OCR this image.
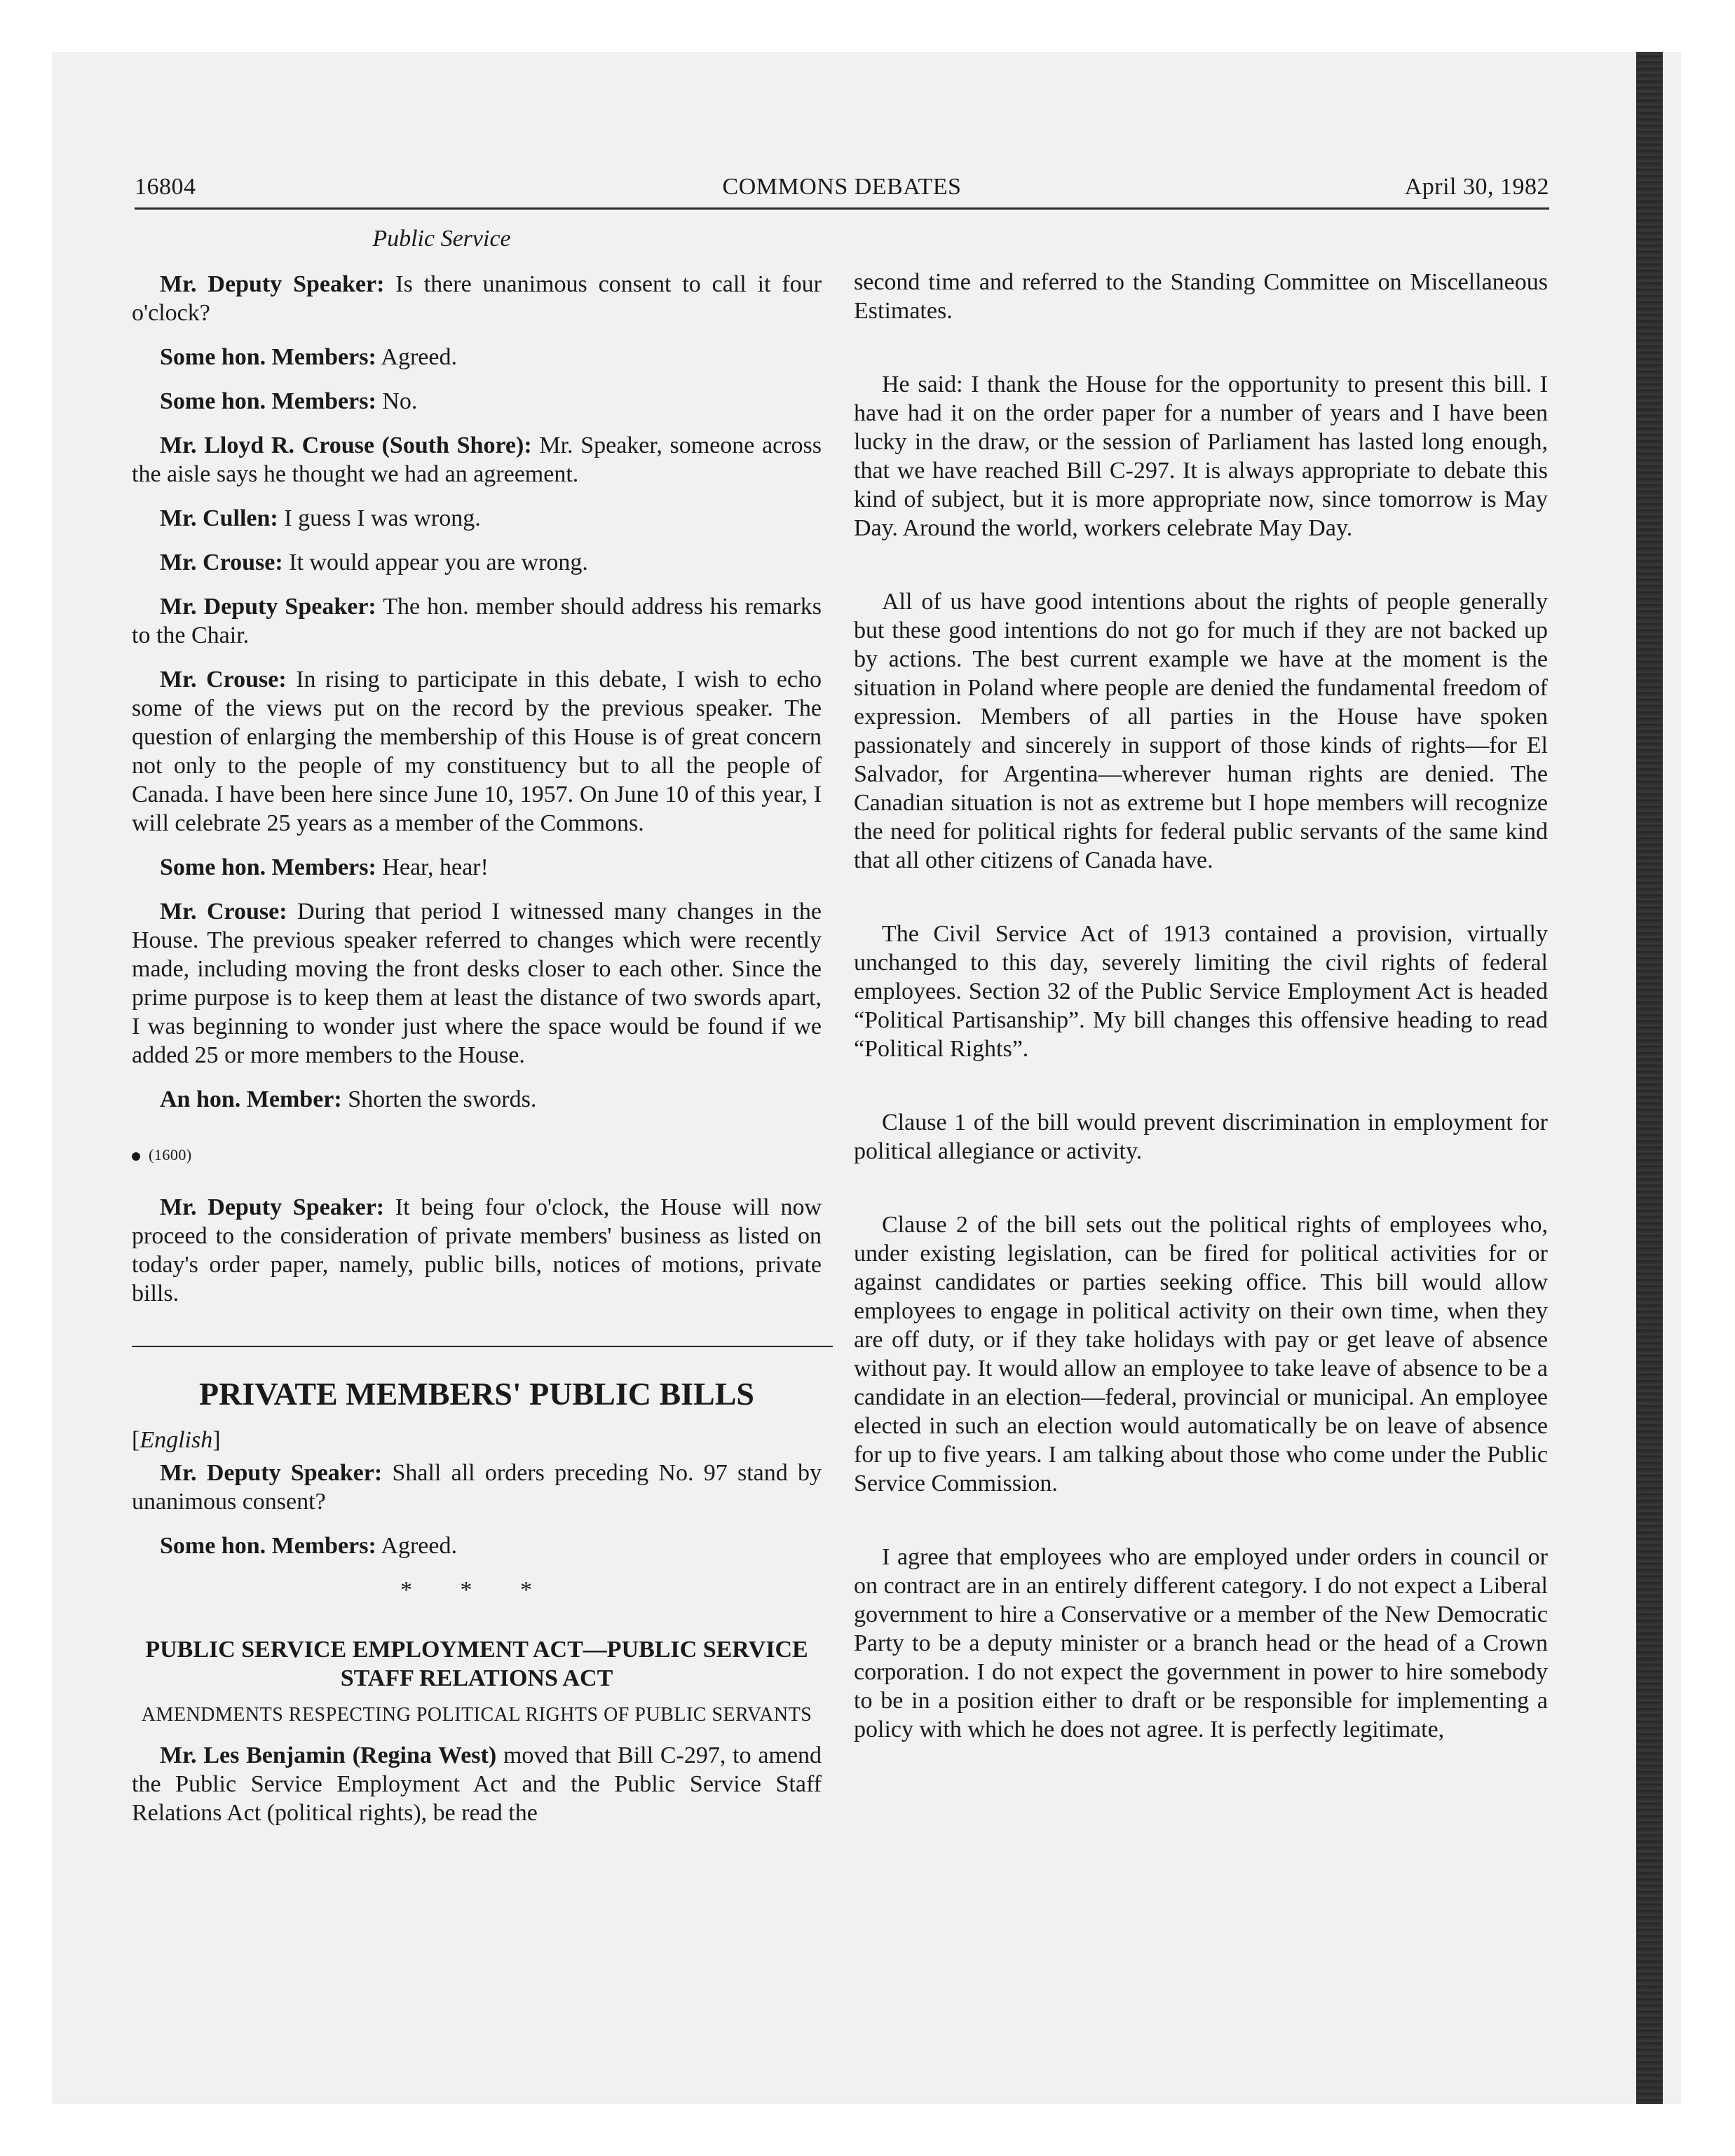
16804	COMMONS DEBATES	April 30, 1982

Public Service

Mr. Deputy Speaker: Is there unanimous consent to call it four o'clock?

Some hon. Members: Agreed.

Some hon. Members: No.

Mr. Lloyd R. Crouse (South Shore): Mr. Speaker, someone across the aisle says he thought we had an agreement.

Mr. Cullen: I guess I was wrong.

Mr. Crouse: It would appear you are wrong.

Mr. Deputy Speaker: The hon. member should address his remarks to the Chair.

Mr. Crouse: In rising to participate in this debate, I wish to echo some of the views put on the record by the previous speaker. The question of enlarging the membership of this House is of great concern not only to the people of my constituency but to all the people of Canada. I have been here since June 10, 1957. On June 10 of this year, I will celebrate 25 years as a member of the Commons.

Some hon. Members: Hear, hear!

Mr. Crouse: During that period I witnessed many changes in the House. The previous speaker referred to changes which were recently made, including moving the front desks closer to each other. Since the prime purpose is to keep them at least the distance of two swords apart, I was beginning to wonder just where the space would be found if we added 25 or more members to the House.

An hon. Member: Shorten the swords.

(1600)

Mr. Deputy Speaker: It being four o'clock, the House will now proceed to the consideration of private members' business as listed on today's order paper, namely, public bills, notices of motions, private bills.

PRIVATE MEMBERS' PUBLIC BILLS
[English]

Mr. Deputy Speaker: Shall all orders preceding No. 97 stand by unanimous consent?

Some hon. Members: Agreed.

* * *
PUBLIC SERVICE EMPLOYMENT ACT—PUBLIC SERVICE STAFF RELATIONS ACT
AMENDMENTS RESPECTING POLITICAL RIGHTS OF PUBLIC SERVANTS

Mr. Les Benjamin (Regina West) moved that Bill C-297, to amend the Public Service Employment Act and the Public Service Staff Relations Act (political rights), be read the

second time and referred to the Standing Committee on Miscellaneous Estimates.

He said: I thank the House for the opportunity to present this bill. I have had it on the order paper for a number of years and I have been lucky in the draw, or the session of Parliament has lasted long enough, that we have reached Bill C-297. It is always appropriate to debate this kind of subject, but it is more appropriate now, since tomorrow is May Day. Around the world, workers celebrate May Day.

All of us have good intentions about the rights of people generally but these good intentions do not go for much if they are not backed up by actions. The best current example we have at the moment is the situation in Poland where people are denied the fundamental freedom of expression. Members of all parties in the House have spoken passionately and sincerely in support of those kinds of rights—for El Salvador, for Argentina—wherever human rights are denied. The Canadian situation is not as extreme but I hope members will recognize the need for political rights for federal public servants of the same kind that all other citizens of Canada have.

The Civil Service Act of 1913 contained a provision, virtually unchanged to this day, severely limiting the civil rights of federal employees. Section 32 of the Public Service Employment Act is headed “Political Partisanship”. My bill changes this offensive heading to read “Political Rights”.

Clause 1 of the bill would prevent discrimination in employment for political allegiance or activity.

Clause 2 of the bill sets out the political rights of employees who, under existing legislation, can be fired for political activities for or against candidates or parties seeking office. This bill would allow employees to engage in political activity on their own time, when they are off duty, or if they take holidays with pay or get leave of absence without pay. It would allow an employee to take leave of absence to be a candidate in an election—federal, provincial or municipal. An employee elected in such an election would automatically be on leave of absence for up to five years. I am talking about those who come under the Public Service Commission.

I agree that employees who are employed under orders in council or on contract are in an entirely different category. I do not expect a Liberal government to hire a Conservative or a member of the New Democratic Party to be a deputy minister or a branch head or the head of a Crown corporation. I do not expect the government in power to hire somebody to be in a position either to draft or be responsible for implementing a policy with which he does not agree. It is perfectly legitimate,
